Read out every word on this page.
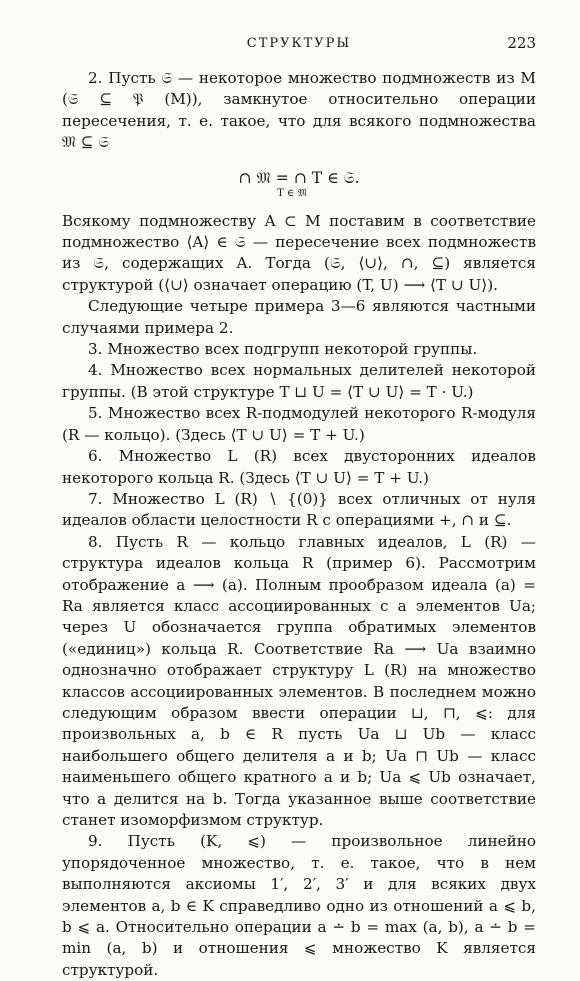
СТРУКТУРЫ	223

2. Пусть 𝔖 — некоторое множество подмножеств из M (𝔖 ⊆ 𝔓 (M)), замкнутое относительно операции пересечения, т. е. такое, что для всякого подмножества 𝔐 ⊆ 𝔖

∩ 𝔐 = ∩ T ∈ 𝔖.
T ∈ 𝔐

Всякому подмножеству A ⊂ M поставим в соответствие подмножество ⟨A⟩ ∈ 𝔖 — пересечение всех подмножеств из 𝔖, содержащих A. Тогда (𝔖, ⟨∪⟩, ∩, ⊆) является структурой (⟨∪⟩ означает операцию (T, U) ⟶ ⟨T ∪ U⟩).

Следующие четыре примера 3—6 являются частными случаями примера 2.

3. Множество всех подгрупп некоторой группы.

4. Множество всех нормальных делителей некоторой группы. (В этой структуре T ⊔ U = ⟨T ∪ U⟩ = T · U.)

5. Множество всех R-подмодулей некоторого R-модуля (R — кольцо). (Здесь ⟨T ∪ U⟩ = T + U.)

6. Множество L (R) всех двусторонних идеалов некоторого кольца R. (Здесь ⟨T ∪ U⟩ = T + U.)

7. Множество L (R) ∖ {(0)} всех отличных от нуля идеалов области целостности R с операциями +, ∩ и ⊆.

8. Пусть R — кольцо главных идеалов, L (R) — структура идеалов кольца R (пример 6). Рассмотрим отображение a ⟶ (a). Полным прообразом идеала (a) = Ra является класс ассоциированных с a элементов Ua; через U обозначается группа обратимых элементов («единиц») кольца R. Соответствие Ra ⟶ Ua взаимно однозначно отображает структуру L (R) на множество классов ассоциированных элементов. В последнем можно следующим образом ввести операции ⊔, ⊓, ⩽: для произвольных a, b ∈ R пусть Ua ⊔ Ub — класс наибольшего общего делителя a и b; Ua ⊓ Ub — класс наименьшего общего кратного a и b; Ua ⩽ Ub означает, что a делится на b. Тогда указанное выше соответствие станет изоморфизмом структур.

9. Пусть (K, ⩽) — произвольное линейно упорядоченное множество, т. е. такое, что в нем выполняются аксиомы 1′, 2′, 3′ и для всяких двух элементов a, b ∈ K справедливо одно из отношений a ⩽ b, b ⩽ a. Относительно операции a ∸ b = max (a, b), a ∸ b = min (a, b) и отношения ⩽ множество K является структурой.
